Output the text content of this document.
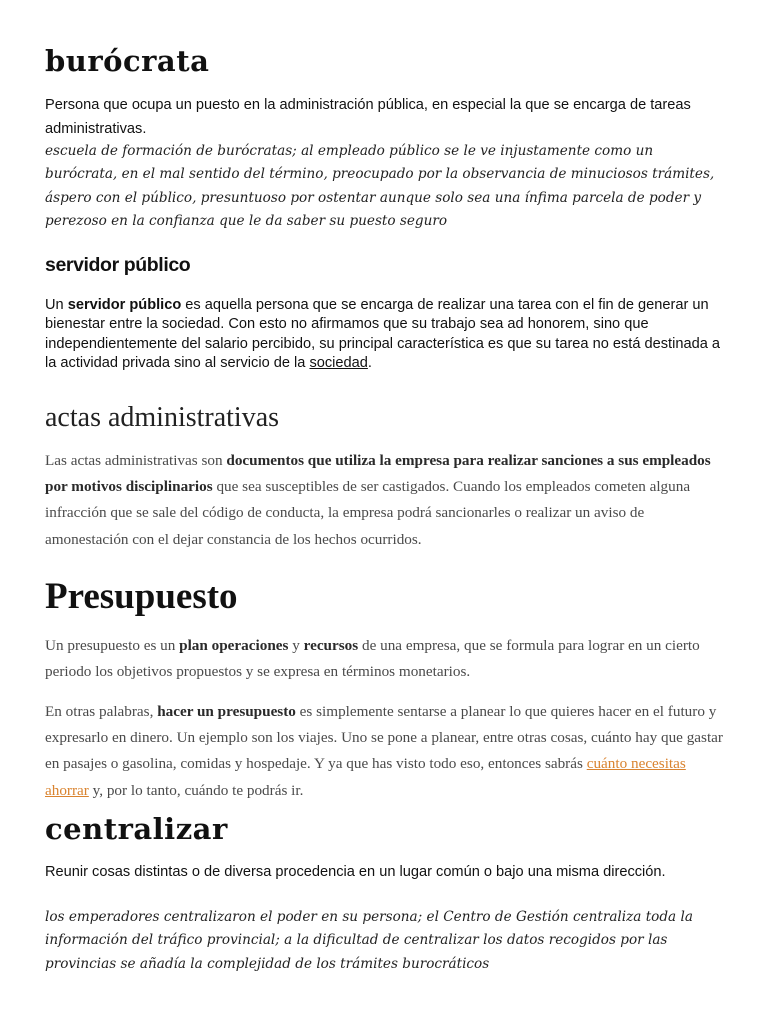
burócrata

Persona que ocupa un puesto en la administración pública, en especial la que se encarga de tareas administrativas.

escuela de formación de burócratas; al empleado público se le ve injustamente como un burócrata, en el mal sentido del término, preocupado por la observancia de minuciosos trámites, áspero con el público, presuntuoso por ostentar aunque solo sea una ínfima parcela de poder y perezoso en la confianza que le da saber su puesto seguro

servidor público

Un servidor público es aquella persona que se encarga de realizar una tarea con el fin de generar un bienestar entre la sociedad. Con esto no afirmamos que su trabajo sea ad honorem, sino que independientemente del salario percibido, su principal característica es que su tarea no está destinada a la actividad privada sino al servicio de la sociedad.

actas administrativas

Las actas administrativas son documentos que utiliza la empresa para realizar sanciones a sus empleados por motivos disciplinarios que sea susceptibles de ser castigados. Cuando los empleados cometen alguna infracción que se sale del código de conducta, la empresa podrá sancionarles o realizar un aviso de amonestación con el dejar constancia de los hechos ocurridos.

Presupuesto

Un presupuesto es un plan operaciones y recursos de una empresa, que se formula para lograr en un cierto periodo los objetivos propuestos y se expresa en términos monetarios.

En otras palabras, hacer un presupuesto es simplemente sentarse a planear lo que quieres hacer en el futuro y expresarlo en dinero. Un ejemplo son los viajes. Uno se pone a planear, entre otras cosas, cuánto hay que gastar en pasajes o gasolina, comidas y hospedaje. Y ya que has visto todo eso, entonces sabrás cuánto necesitas ahorrar y, por lo tanto, cuándo te podrás ir.

centralizar

Reunir cosas distintas o de diversa procedencia en un lugar común o bajo una misma dirección.

los emperadores centralizaron el poder en su persona; el Centro de Gestión centraliza toda la información del tráfico provincial; a la dificultad de centralizar los datos recogidos por las provincias se añadía la complejidad de los trámites burocráticos
